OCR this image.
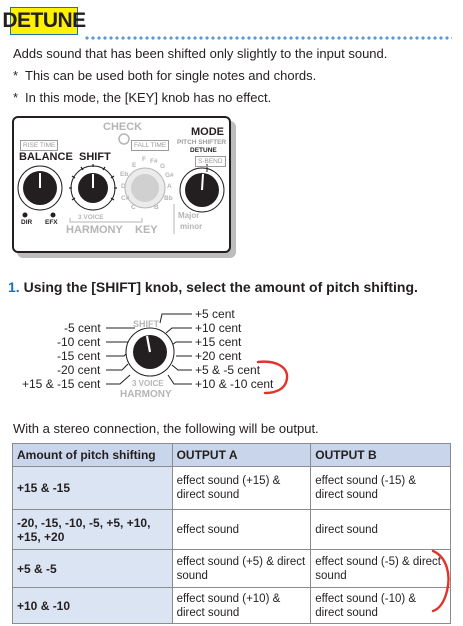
DETUNE
Adds sound that has been shifted only slightly to the input sound.
* This can be used both for single notes and chords.
* In this mode, the [KEY] knob has no effect.
CHECK
RISE TIME	FALL TIME
BALANCE SHIFT
MODE
PITCH SHIFTER
DETUNE
S-BEND
DIR EFX
3 VOICE
HARMONY KEY
Major
minor
F F#
G
E
G#
Eb
D	A
C#	Bb
C	B
1. Using the [SHIFT] knob, select the amount of pitch shifting.
SHIFT
3 VOICE
HARMONY
-5 cent
-10 cent
-15 cent
-20 cent
+15 & -15 cent
+5 cent
+10 cent
+15 cent
+20 cent
+5 & -5 cent
+10 & -10 cent
With a stereo connection, the following will be output.
Amount of pitch shifting	OUTPUT A	OUTPUT B
+15 & -15	effect sound (+15) & direct sound	effect sound (-15) & direct sound
-20, -15, -10, -5, +5, +10, +15, +20	effect sound	direct sound
+5 & -5	effect sound (+5) & direct sound	effect sound (-5) & direct sound
+10 & -10	effect sound (+10) & direct sound	effect sound (-10) & direct sound
